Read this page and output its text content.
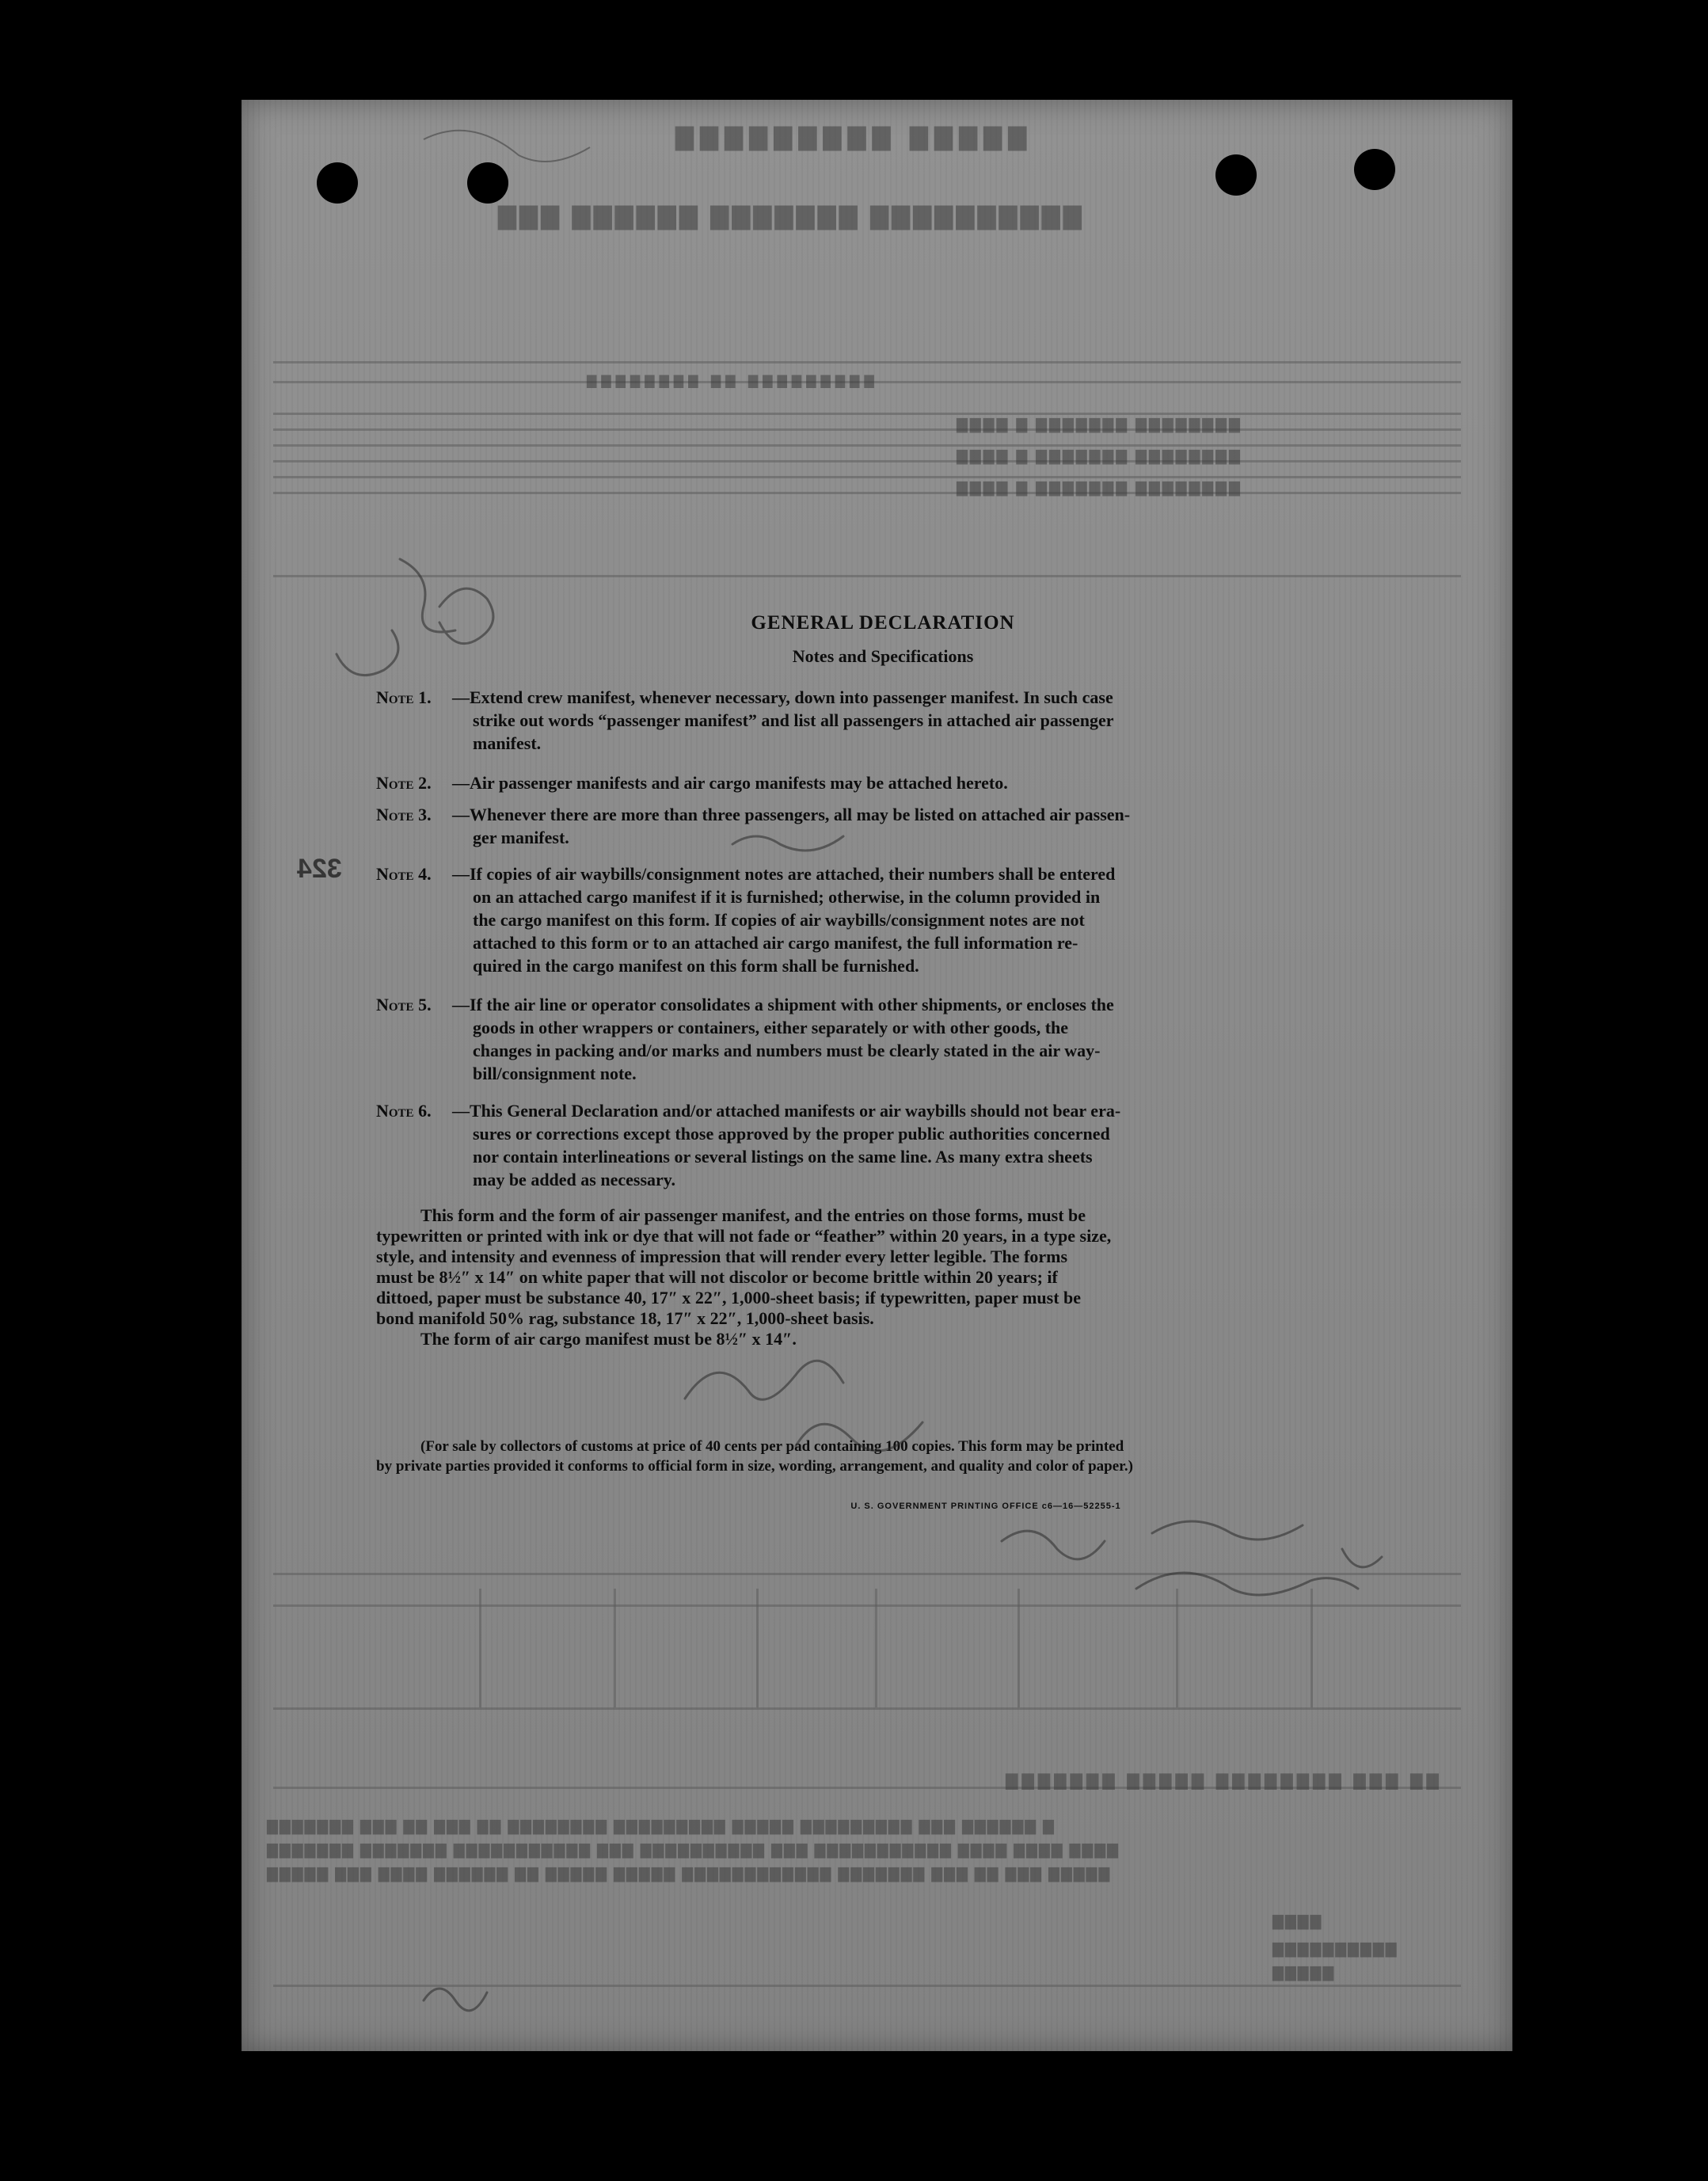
▇▇▇▇▇ ▇▇▇▇▇▇▇▇▇
▇▇▇▇▇▇▇▇▇▇ ▇▇▇▇▇▇▇ ▇▇▇▇▇▇ ▇▇▇
▇▇▇▇▇▇▇▇▇ ▇▇ ▇▇▇▇▇▇▇▇
▇▇▇▇▇▇▇▇ ▇▇▇▇▇▇▇ ▇ ▇▇▇▇
▇▇▇▇▇▇▇▇ ▇▇▇▇▇▇▇ ▇ ▇▇▇▇
▇▇▇▇▇▇▇▇ ▇▇▇▇▇▇▇ ▇ ▇▇▇▇
▇▇ ▇▇▇ ▇▇▇▇▇▇▇▇ ▇▇▇▇▇ ▇▇▇▇▇▇▇
▇ ▇▇▇▇▇▇ ▇▇▇ ▇▇▇▇▇▇▇▇▇ ▇▇▇▇▇ ▇▇▇▇▇▇▇▇▇ ▇▇▇▇▇▇▇▇ ▇▇ ▇▇▇ ▇▇ ▇▇▇ ▇▇▇▇▇▇▇
▇▇▇▇ ▇▇▇▇ ▇▇▇▇ ▇▇▇▇▇▇▇▇▇▇▇ ▇▇▇ ▇▇▇▇▇▇▇▇▇▇ ▇▇▇ ▇▇▇▇▇▇▇▇▇▇▇ ▇▇▇▇▇▇▇ ▇▇▇▇▇▇▇
▇▇▇▇▇ ▇▇▇ ▇▇ ▇▇▇ ▇▇▇▇▇▇▇ ▇▇▇▇▇▇▇▇▇▇▇▇ ▇▇▇▇▇ ▇▇▇▇▇ ▇▇ ▇▇▇▇▇▇ ▇▇▇▇ ▇▇▇ ▇▇▇▇▇
▇▇▇▇
▇▇▇▇▇▇▇▇▇▇
▇▇▇▇▇
GENERAL DECLARATION
Notes and Specifications
Note 1. —Extend crew manifest, whenever necessary, down into passenger manifest. In such case
strike out words “passenger manifest” and list all passengers in attached air passenger
manifest.
Note 2. —Air passenger manifests and air cargo manifests may be attached hereto.
Note 3. —Whenever there are more than three passengers, all may be listed on attached air passen-
ger manifest.
Note 4. —If copies of air waybills/consignment notes are attached, their numbers shall be entered
on an attached cargo manifest if it is furnished; otherwise, in the column provided in
the cargo manifest on this form. If copies of air waybills/consignment notes are not
attached to this form or to an attached air cargo manifest, the full information re-
quired in the cargo manifest on this form shall be furnished.
Note 5. —If the air line or operator consolidates a shipment with other shipments, or encloses the
goods in other wrappers or containers, either separately or with other goods, the
changes in packing and/or marks and numbers must be clearly stated in the air way-
bill/consignment note.
Note 6. —This General Declaration and/or attached manifests or air waybills should not bear era-
sures or corrections except those approved by the proper public authorities concerned
nor contain interlineations or several listings on the same line. As many extra sheets
may be added as necessary.
This form and the form of air passenger manifest, and the entries on those forms, must be
typewritten or printed with ink or dye that will not fade or “feather” within 20 years, in a type size,
style, and intensity and evenness of impression that will render every letter legible. The forms
must be 8½″ x 14″ on white paper that will not discolor or become brittle within 20 years; if
dittoed, paper must be substance 40, 17″ x 22″, 1,000-sheet basis; if typewritten, paper must be
bond manifold 50% rag, substance 18, 17″ x 22″, 1,000-sheet basis.
The form of air cargo manifest must be 8½″ x 14″.
(For sale by collectors of customs at price of 40 cents per pad containing 100 copies. This form may be printed
by private parties provided it conforms to official form in size, wording, arrangement, and quality and color of paper.)
U. S. GOVERNMENT PRINTING OFFICE c6—16—52255-1
324
